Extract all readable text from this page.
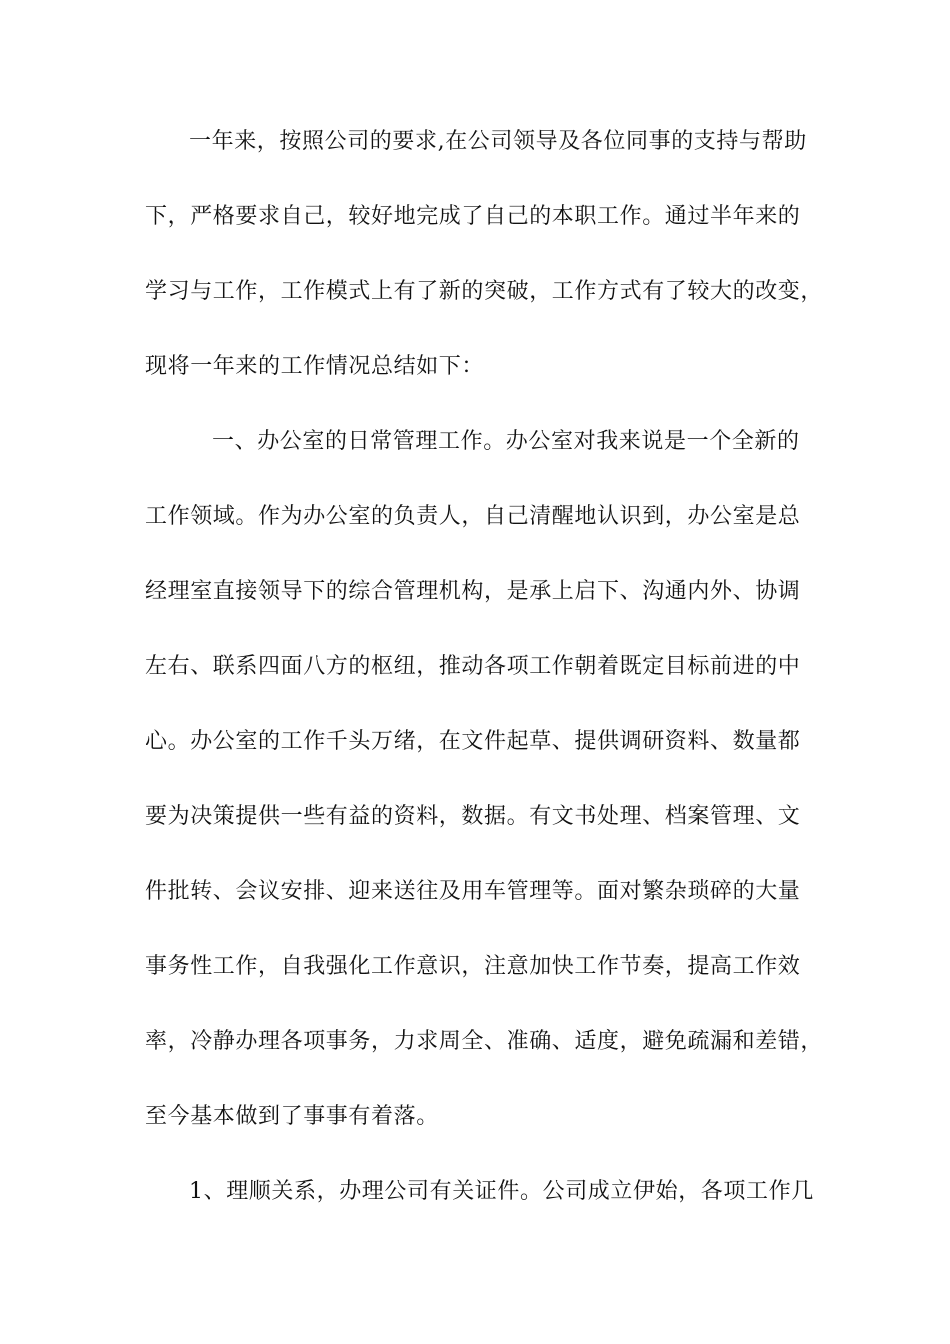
一年来，按照公司的要求,在公司领导及各位同事的支持与帮助
下，严格要求自己，较好地完成了自己的本职工作。通过半年来的
学习与工作，工作模式上有了新的突破，工作方式有了较大的改变，
现将一年来的工作情况总结如下：
一、办公室的日常管理工作。办公室对我来说是一个全新的
工作领域。作为办公室的负责人，自己清醒地认识到，办公室是总
经理室直接领导下的综合管理机构，是承上启下、沟通内外、协调
左右、联系四面八方的枢纽，推动各项工作朝着既定目标前进的中
心。办公室的工作千头万绪，在文件起草、提供调研资料、数量都
要为决策提供一些有益的资料，数据。有文书处理、档案管理、文
件批转、会议安排、迎来送往及用车管理等。面对繁杂琐碎的大量
事务性工作，自我强化工作意识，注意加快工作节奏，提高工作效
率，冷静办理各项事务，力求周全、准确、适度，避免疏漏和差错，
至今基本做到了事事有着落。
1、理顺关系，办理公司有关证件。公司成立伊始，各项工作几
